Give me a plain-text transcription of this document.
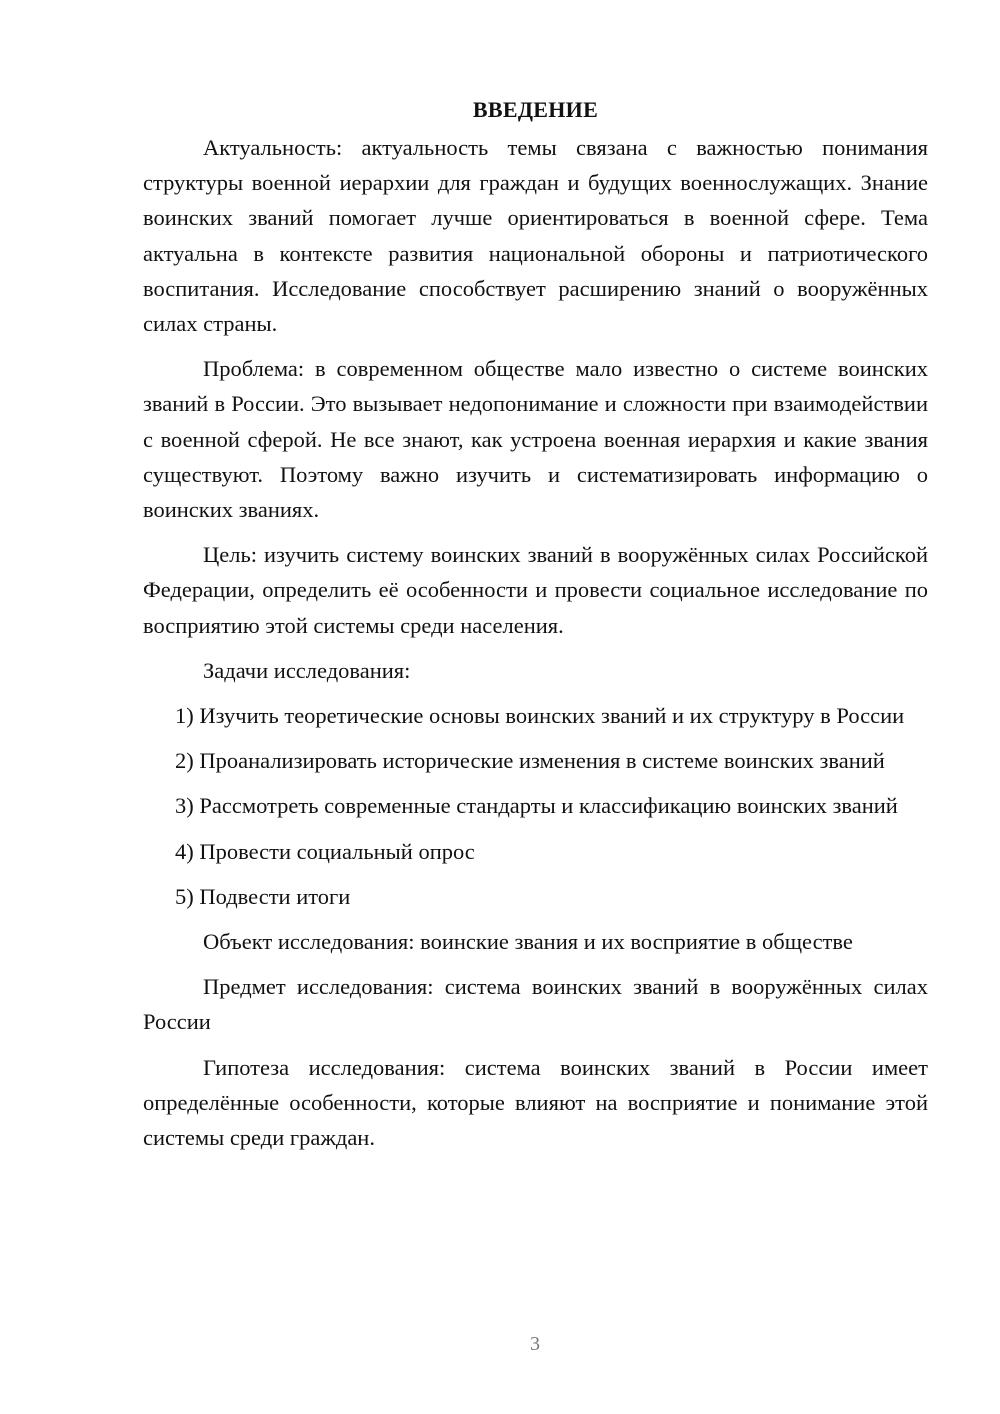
ВВЕДЕНИЕ

Актуальность: актуальность темы связана с важностью понимания структуры военной иерархии для граждан и будущих военнослужащих. Знание воинских званий помогает лучше ориентироваться в военной сфере. Тема актуальна в контексте развития национальной обороны и патриотического воспитания. Исследование способствует расширению знаний о вооружённых силах страны.

Проблема: в современном обществе мало известно о системе воинских званий в России. Это вызывает недопонимание и сложности при взаимодействии с военной сферой. Не все знают, как устроена военная иерархия и какие звания существуют. Поэтому важно изучить и систематизировать информацию о воинских званиях.

Цель: изучить систему воинских званий в вооружённых силах Российской Федерации, определить её особенности и провести социальное исследование по восприятию этой системы среди населения.

Задачи исследования:

1) Изучить теоретические основы воинских званий и их структуру в России

2) Проанализировать исторические изменения в системе воинских званий

3) Рассмотреть современные стандарты и классификацию воинских званий

4) Провести социальный опрос

5) Подвести итоги

Объект исследования: воинские звания и их восприятие в обществе

Предмет исследования: система воинских званий в вооружённых силах России

Гипотеза исследования: система воинских званий в России имеет определённые особенности, которые влияют на восприятие и понимание этой системы среди граждан.

3
